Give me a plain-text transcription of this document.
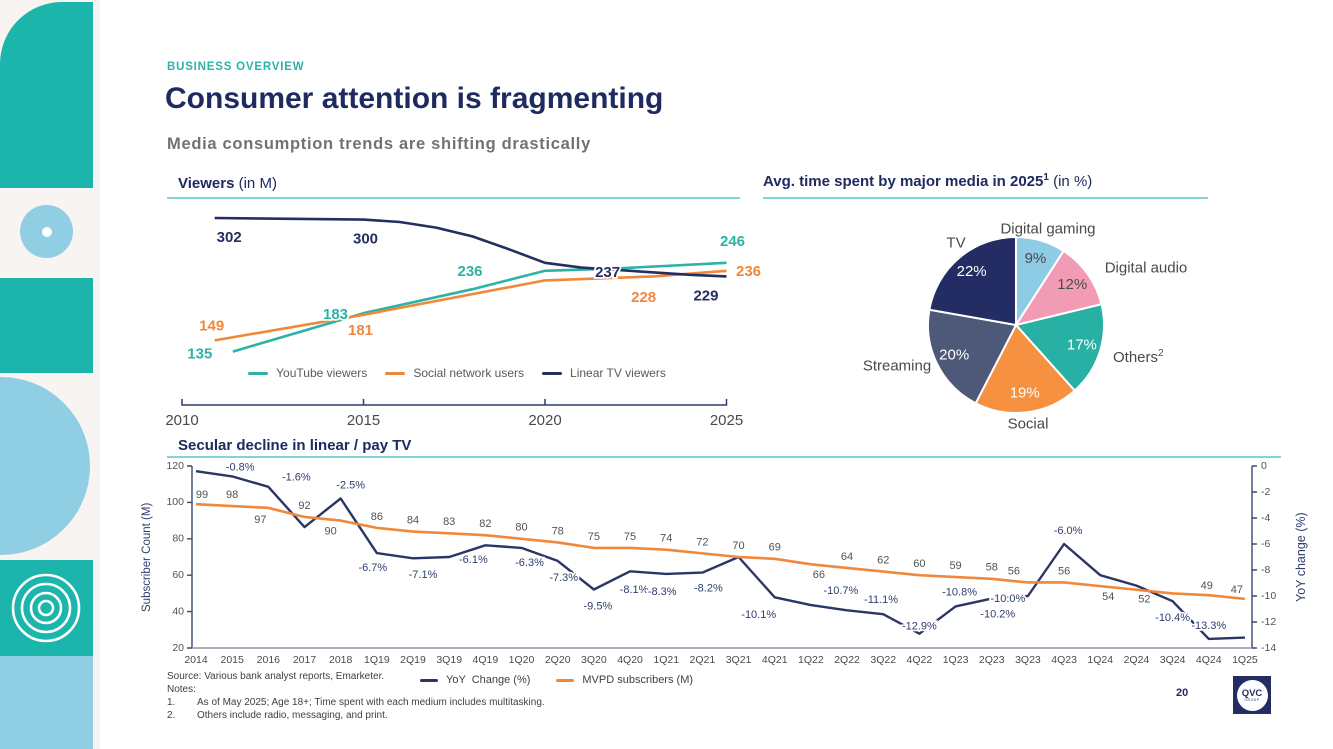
BUSINESS OVERVIEW
Consumer attention is fragmenting
Media consumption trends are shifting drastically
Viewers (in M)
135
183
236
246
149	181
228
236
302	300
237
229
2010	2015	2020	2025
YouTube viewers	Social network users	Linear TV viewers
Avg. time spent by major media in 2025$^1$ (in %)
9%
12%
17%
19%
20%
22%
Digital gaming
Digital audio
Others$^2$
Social
Streaming
TV
Secular decline in linear / pay TV
120
100
80
60
40
20
0
-2
-4
-6
-8
-10
-12
-14
2014 2015 2016 2017 2018 1Q19 2Q19 3Q19 4Q19 1Q20 2Q20 3Q20 4Q20 1Q21 2Q21 3Q21 4Q21 1Q22 2Q22 3Q22 4Q22 1Q23 2Q23 3Q23 4Q23 1Q24 2Q24 3Q24 4Q24 1Q25
99 98
97
92
90
86 84 83 82 80 78 75 75 74 72 70 69
66
64 62 60 59 58 56	56
54 52
49 47
-0.8%
-1.6%
-2.5%
-6.7%
-7.1%
-6.1% -6.3%
-7.3%
-9.5%
-8.1% -8.3% -8.2%
-10.1%
-10.7%
-11.1%
-12.9%
-10.8%
-10.2%
-10.0%
-6.0%
-10.4%
-13.3%
Subscriber Count (M)	YoY change (%)
YoY  Change (%)	MVPD subscribers (M)
Source: Various bank analyst reports, Emarketer.
Notes:
1.	As of May 2025; Age 18+; Time spent with each medium includes multitasking.
2.	Others include radio, messaging, and print.
20	QVC
GROUP
